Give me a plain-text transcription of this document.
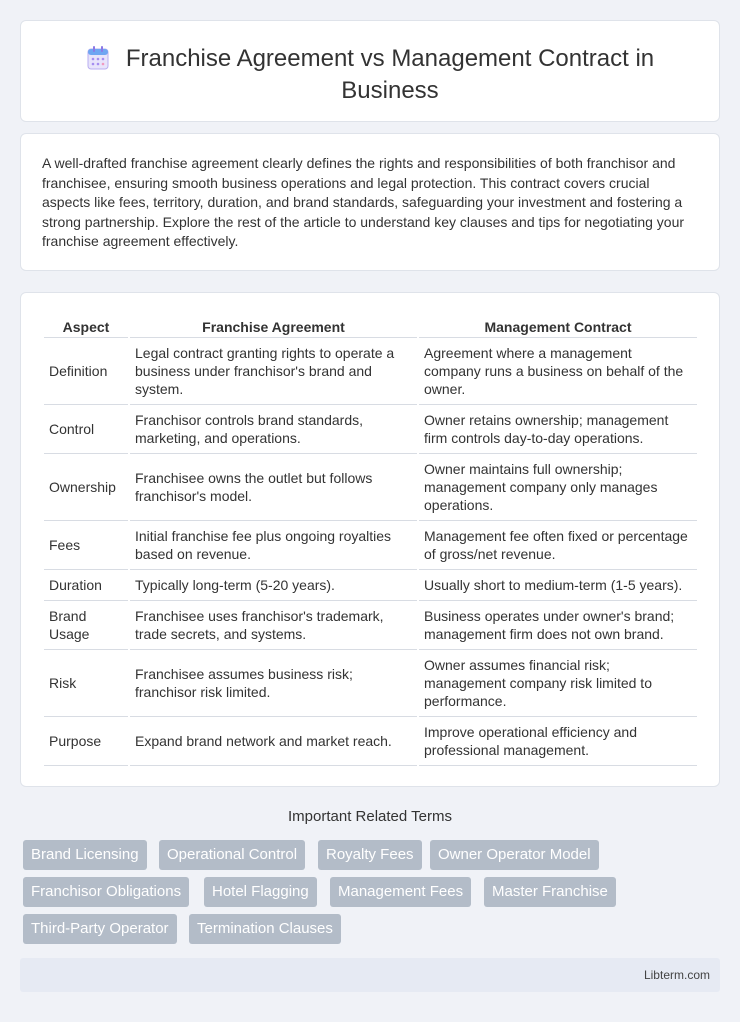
Franchise Agreement vs Management Contract in Business

A well-drafted franchise agreement clearly defines the rights and responsibilities of both franchisor and franchisee, ensuring smooth business operations and legal protection. This contract covers crucial aspects like fees, territory, duration, and brand standards, safeguarding your investment and fostering a strong partnership. Explore the rest of the article to understand key clauses and tips for negotiating your franchise agreement effectively.

Aspect	Franchise Agreement	Management Contract
Definition	Legal contract granting rights to operate a business under franchisor's brand and system.	Agreement where a management company runs a business on behalf of the owner.
Control	Franchisor controls brand standards, marketing, and operations.	Owner retains ownership; management firm controls day-to-day operations.
Ownership	Franchisee owns the outlet but follows franchisor's model.	Owner maintains full ownership; management company only manages operations.
Fees	Initial franchise fee plus ongoing royalties based on revenue.	Management fee often fixed or percentage of gross/net revenue.
Duration	Typically long-term (5-20 years).	Usually short to medium-term (1-5 years).
Brand Usage	Franchisee uses franchisor's trademark, trade secrets, and systems.	Business operates under owner's brand; management firm does not own brand.
Risk	Franchisee assumes business risk; franchisor risk limited.	Owner assumes financial risk; management company risk limited to performance.
Purpose	Expand brand network and market reach.	Improve operational efficiency and professional management.
Important Related Terms
Brand Licensing	Operational Control	Royalty Fees	Owner Operator Model
Franchisor Obligations	Hotel Flagging	Management Fees	Master Franchise
Third-Party Operator	Termination Clauses
Libterm.com
